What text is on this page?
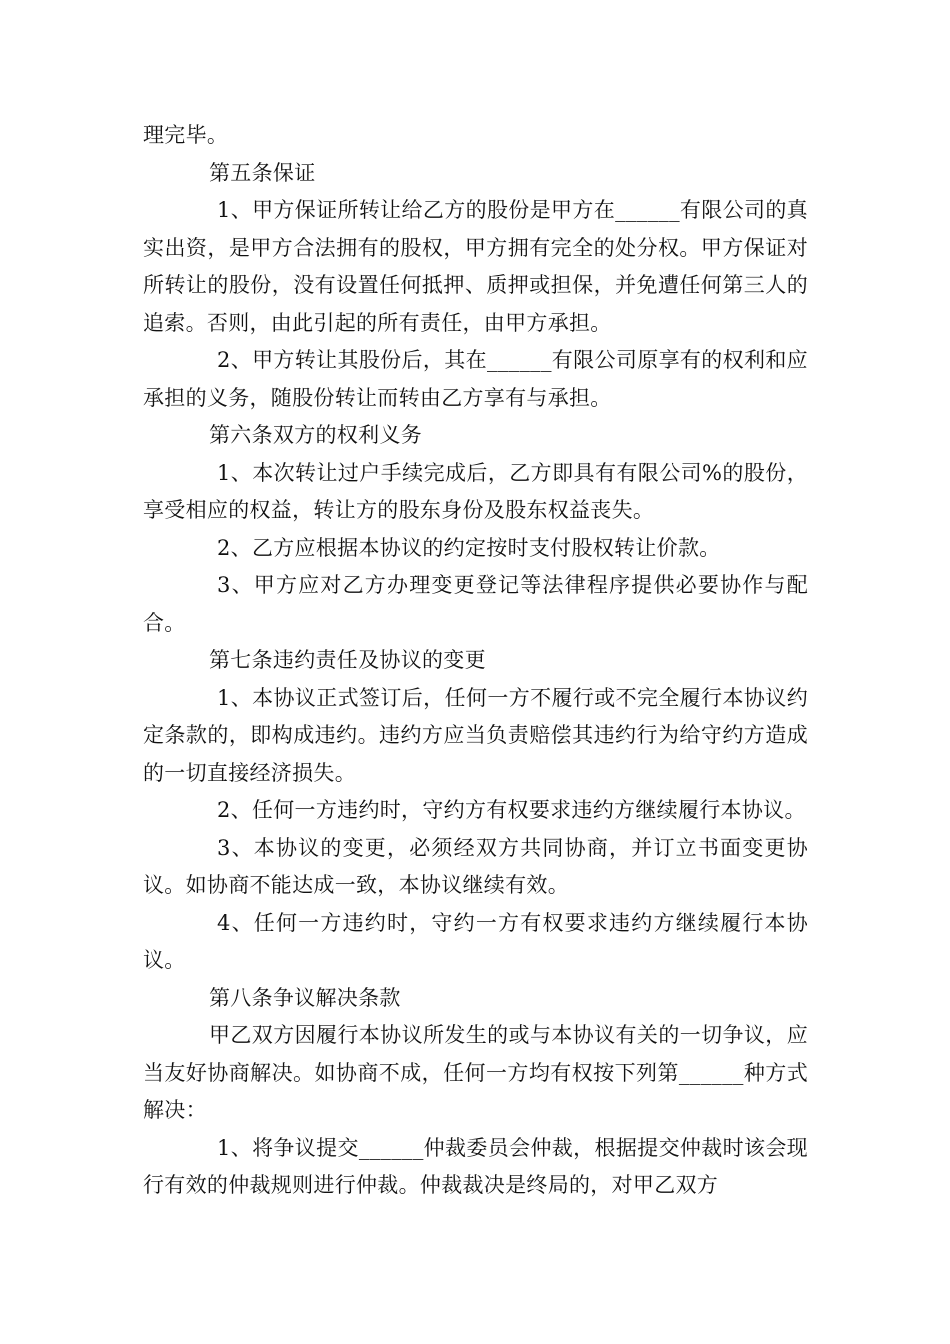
理完毕。

第五条保证

1、甲方保证所转让给乙方的股份是甲方在______有限公司的真实出资，是甲方合法拥有的股权，甲方拥有完全的处分权。甲方保证对所转让的股份，没有设置任何抵押、质押或担保，并免遭任何第三人的追索。否则，由此引起的所有责任，由甲方承担。

2、甲方转让其股份后，其在______有限公司原享有的权利和应承担的义务，随股份转让而转由乙方享有与承担。

第六条双方的权利义务

1、本次转让过户手续完成后，乙方即具有有限公司%的股份，享受相应的权益，转让方的股东身份及股东权益丧失。

2、乙方应根据本协议的约定按时支付股权转让价款。

3、甲方应对乙方办理变更登记等法律程序提供必要协作与配合。

第七条违约责任及协议的变更

1、本协议正式签订后，任何一方不履行或不完全履行本协议约定条款的，即构成违约。违约方应当负责赔偿其违约行为给守约方造成的一切直接经济损失。

2、任何一方违约时，守约方有权要求违约方继续履行本协议。

3、本协议的变更，必须经双方共同协商，并订立书面变更协议。如协商不能达成一致，本协议继续有效。

4、任何一方违约时，守约一方有权要求违约方继续履行本协议。

第八条争议解决条款

甲乙双方因履行本协议所发生的或与本协议有关的一切争议，应当友好协商解决。如协商不成，任何一方均有权按下列第______种方式解决：

1、将争议提交______仲裁委员会仲裁，根据提交仲裁时该会现行有效的仲裁规则进行仲裁。仲裁裁决是终局的，对甲乙双方
